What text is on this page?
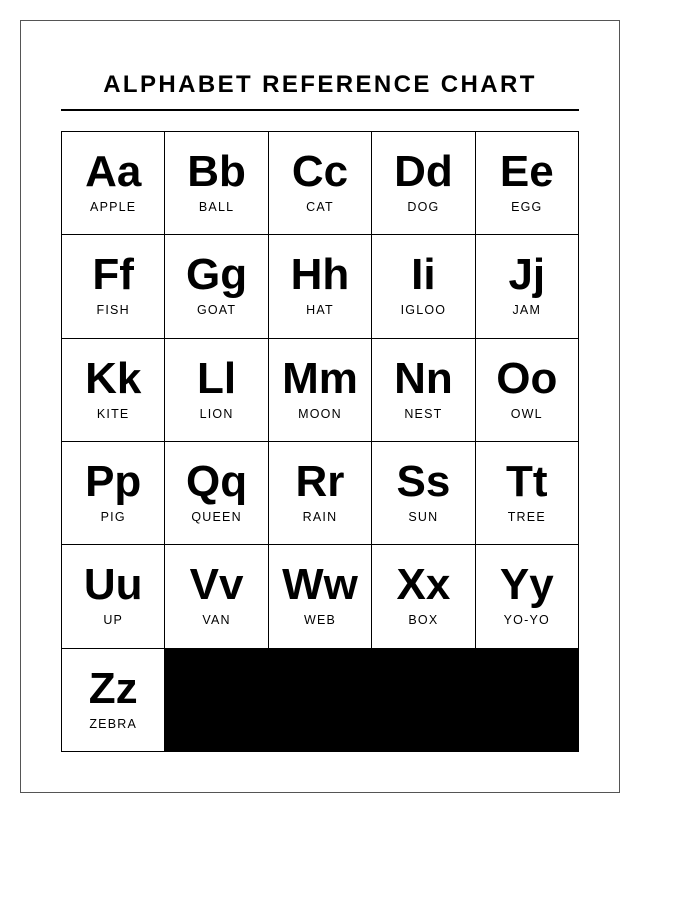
ALPHABET REFERENCE CHART
Aa
APPLE
Bb
BALL
Cc
CAT
Dd
DOG
Ee
EGG
Ff
FISH
Gg
GOAT
Hh
HAT
Ii
IGLOO
Jj
JAM
Kk
KITE
Ll
LION
Mm
MOON
Nn
NEST
Oo
OWL
Pp
PIG
Qq
QUEEN
Rr
RAIN
Ss
SUN
Tt
TREE
Uu
UP
Vv
VAN
Ww
WEB
Xx
BOX
Yy
YO-YO
Zz
ZEBRA
